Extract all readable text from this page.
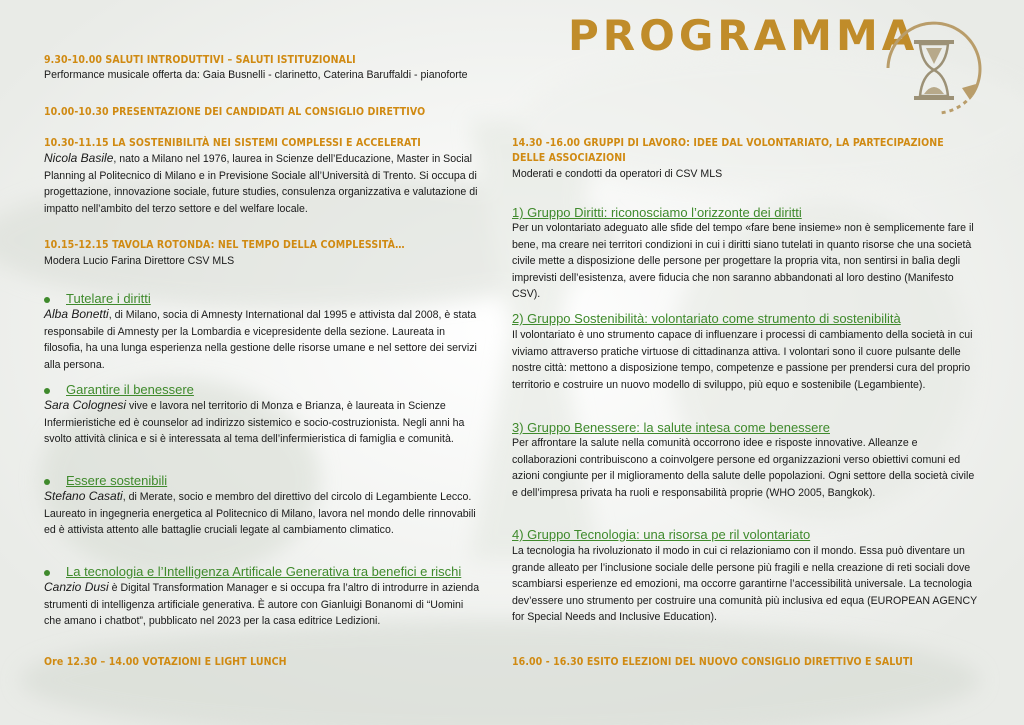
PROGRAMMA
9.30-10.00 SALUTI INTRODUTTIVI – SALUTI ISTITUZIONALI
Performance musicale offerta da: Gaia Busnelli - clarinetto, Caterina Baruffaldi - pianoforte
10.00-10.30 PRESENTAZIONE DEI CANDIDATI AL CONSIGLIO DIRETTIVO
10.30-11.15 LA SOSTENIBILITÀ NEI SISTEMI COMPLESSI E ACCELERATI

Nicola Basile, nato a Milano nel 1976, laurea in Scienze dell’Educazione, Master in Social Planning al Politecnico di Milano e in Previsione Sociale all’Università di Trento. Si occupa di progettazione, innovazione sociale, future studies, consulenza organizzativa e valutazione di impatto nell’ambito del terzo settore e del welfare locale.

10.15-12.15 TAVOLA ROTONDA: NEL TEMPO DELLA COMPLESSITÀ…
Modera Lucio Farina Direttore CSV MLS
Tutelare i diritti

Alba Bonetti, di Milano, socia di Amnesty International dal 1995 e attivista dal 2008, è stata responsabile di Amnesty per la Lombardia e vicepresidente della sezione. Laureata in filosofia, ha una lunga esperienza nella gestione delle risorse umane e nel settore dei servizi alla persona.

Garantire il benessere

Sara Colognesi vive e lavora nel territorio di Monza e Brianza, è laureata in Scienze Infermieristiche ed è counselor ad indirizzo sistemico e socio-costruzionista. Negli anni ha svolto attività clinica e si è interessata al tema dell’infermieristica di famiglia e comunità.

Essere sostenibili

Stefano Casati, di Merate, socio e membro del direttivo del circolo di Legambiente Lecco. Laureato in ingegneria energetica al Politecnico di Milano, lavora nel mondo delle rinnovabili ed è attivista attento alle battaglie cruciali legate al cambiamento climatico.

La tecnologia e l’Intelligenza Artificale Generativa tra benefici e rischi

Canzio Dusi è Digital Transformation Manager e si occupa fra l’altro di introdurre in azienda strumenti di intelligenza artificiale generativa. È autore con Gianluigi Bonanomi di “Uomini che amano i chatbot”, pubblicato nel 2023 per la casa editrice Ledizioni.

Ore 12.30 – 14.00 VOTAZIONI E LIGHT LUNCH
14.30 -16.00 GRUPPI DI LAVORO: IDEE DAL VOLONTARIATO, LA PARTECIPAZIONE DELLE ASSOCIAZIONI
Moderati e condotti da operatori di CSV MLS
1) Gruppo Diritti: riconosciamo l’orizzonte dei diritti

Per un volontariato adeguato alle sfide del tempo «fare bene insieme» non è semplicemente fare il bene, ma creare nei territori condizioni in cui i diritti siano tutelati in quanto risorse che una società civile mette a disposizione delle persone per progettare la propria vita, non sentirsi in balìa degli imprevisti dell’esistenza, avere fiducia che non saranno abbandonati al loro destino (Manifesto CSV).

2) Gruppo Sostenibilità: volontariato come strumento di sostenibilità

Il volontariato è uno strumento capace di influenzare i processi di cambiamento della società in cui viviamo attraverso pratiche virtuose di cittadinanza attiva. I volontari sono il cuore pulsante delle nostre città: mettono a disposizione tempo, competenze e passione per prendersi cura del proprio territorio e costruire un nuovo modello di sviluppo, più equo e sostenibile (Legambiente).

3) Gruppo Benessere: la salute intesa come benessere

Per affrontare la salute nella comunità occorrono idee e risposte innovative. Alleanze e collaborazioni contribuiscono a coinvolgere persone ed organizzazioni verso obiettivi comuni ed azioni congiunte per il miglioramento della salute delle popolazioni. Ogni settore della società civile e dell’impresa privata ha ruoli e responsabilità proprie (WHO 2005, Bangkok).

4) Gruppo Tecnologia: una risorsa pe ril volontariato

La tecnologia ha rivoluzionato il modo in cui ci relazioniamo con il mondo. Essa può diventare un grande alleato per l’inclusione sociale delle persone più fragili e nella creazione di reti sociali dove scambiarsi esperienze ed emozioni, ma occorre garantirne l’accessibilità universale. La tecnologia dev’essere uno strumento per costruire una comunità più inclusiva ed equa (EUROPEAN AGENCY for Special Needs and Inclusive Education).

16.00 - 16.30 ESITO ELEZIONI DEL NUOVO CONSIGLIO DIRETTIVO E SALUTI
